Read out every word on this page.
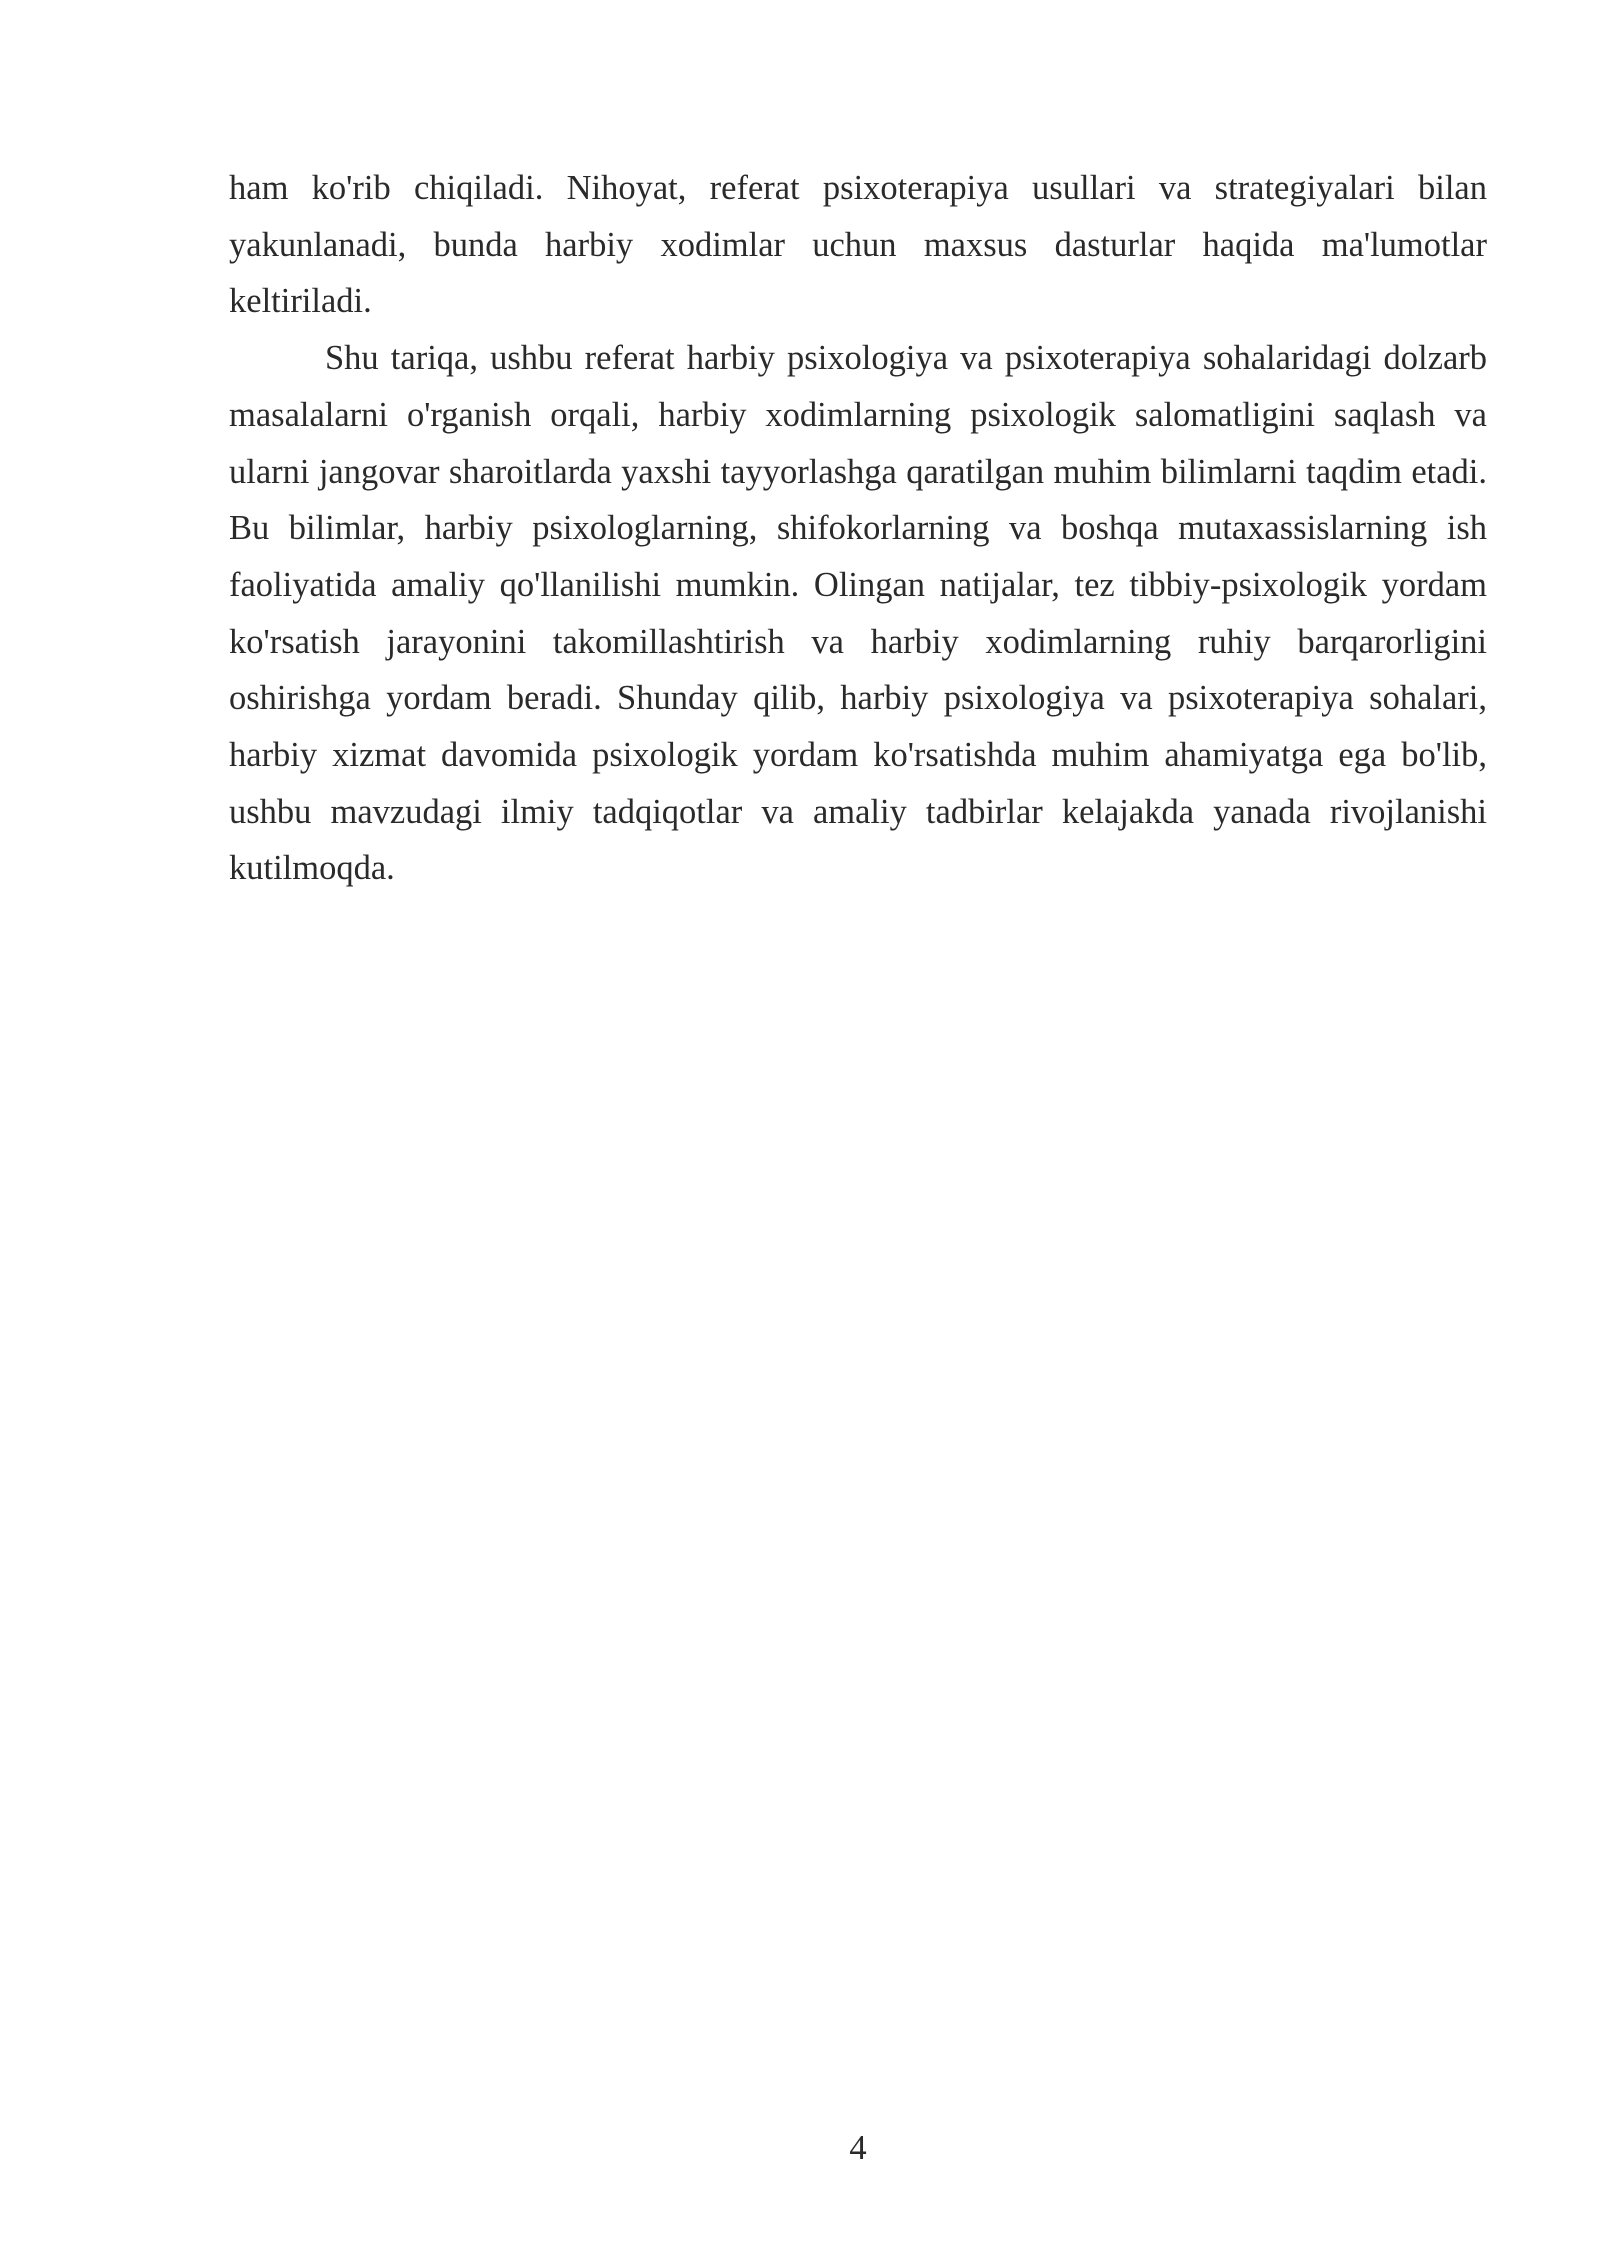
ham ko'rib chiqiladi. Nihoyat, referat psixoterapiya usullari va strategiyalari bilan yakunlanadi, bunda harbiy xodimlar uchun maxsus dasturlar haqida ma'lumotlar keltiriladi.

Shu tariqa, ushbu referat harbiy psixologiya va psixoterapiya sohalaridagi dolzarb masalalarni o'rganish orqali, harbiy xodimlarning psixologik salomatligini saqlash va ularni jangovar sharoitlarda yaxshi tayyorlashga qaratilgan muhim bilimlarni taqdim etadi. Bu bilimlar, harbiy psixologlarning, shifokorlarning va boshqa mutaxassislarning ish faoliyatida amaliy qo'llanilishi mumkin. Olingan natijalar, tez tibbiy-psixologik yordam ko'rsatish jarayonini takomillashtirish va harbiy xodimlarning ruhiy barqarorligini oshirishga yordam beradi. Shunday qilib, harbiy psixologiya va psixoterapiya sohalari, harbiy xizmat davomida psixologik yordam ko'rsatishda muhim ahamiyatga ega bo'lib, ushbu mavzudagi ilmiy tadqiqotlar va amaliy tadbirlar kelajakda yanada rivojlanishi kutilmoqda.

4
